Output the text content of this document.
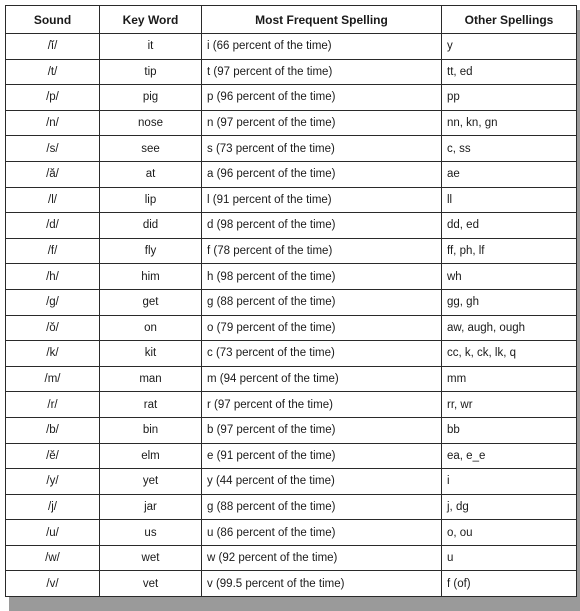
Sound	Key Word	Most Frequent Spelling	Other Spellings
/ĭ/	it	i (66 percent of the time)	y
/t/	tip	t (97 percent of the time)	tt, ed
/p/	pig	p (96 percent of the time)	pp
/n/	nose	n (97 percent of the time)	nn, kn, gn
/s/	see	s (73 percent of the time)	c, ss
/ă/	at	a (96 percent of the time)	ae
/l/	lip	l (91 percent of the time)	ll
/d/	did	d (98 percent of the time)	dd, ed
/f/	fly	f (78 percent of the time)	ff, ph, lf
/h/	him	h (98 percent of the time)	wh
/g/	get	g (88 percent of the time)	gg, gh
/ŏ/	on	o (79 percent of the time)	aw, augh, ough
/k/	kit	c (73 percent of the time)	cc, k, ck, lk, q
/m/	man	m (94 percent of the time)	mm
/r/	rat	r (97 percent of the time)	rr, wr
/b/	bin	b (97 percent of the time)	bb
/ĕ/	elm	e (91 percent of the time)	ea, e_e
/y/	yet	y (44 percent of the time)	i
/j/	jar	g (88 percent of the time)	j, dg
/u/	us	u (86 percent of the time)	o, ou
/w/	wet	w (92 percent of the time)	u
/v/	vet	v (99.5 percent of the time)	f (of)
